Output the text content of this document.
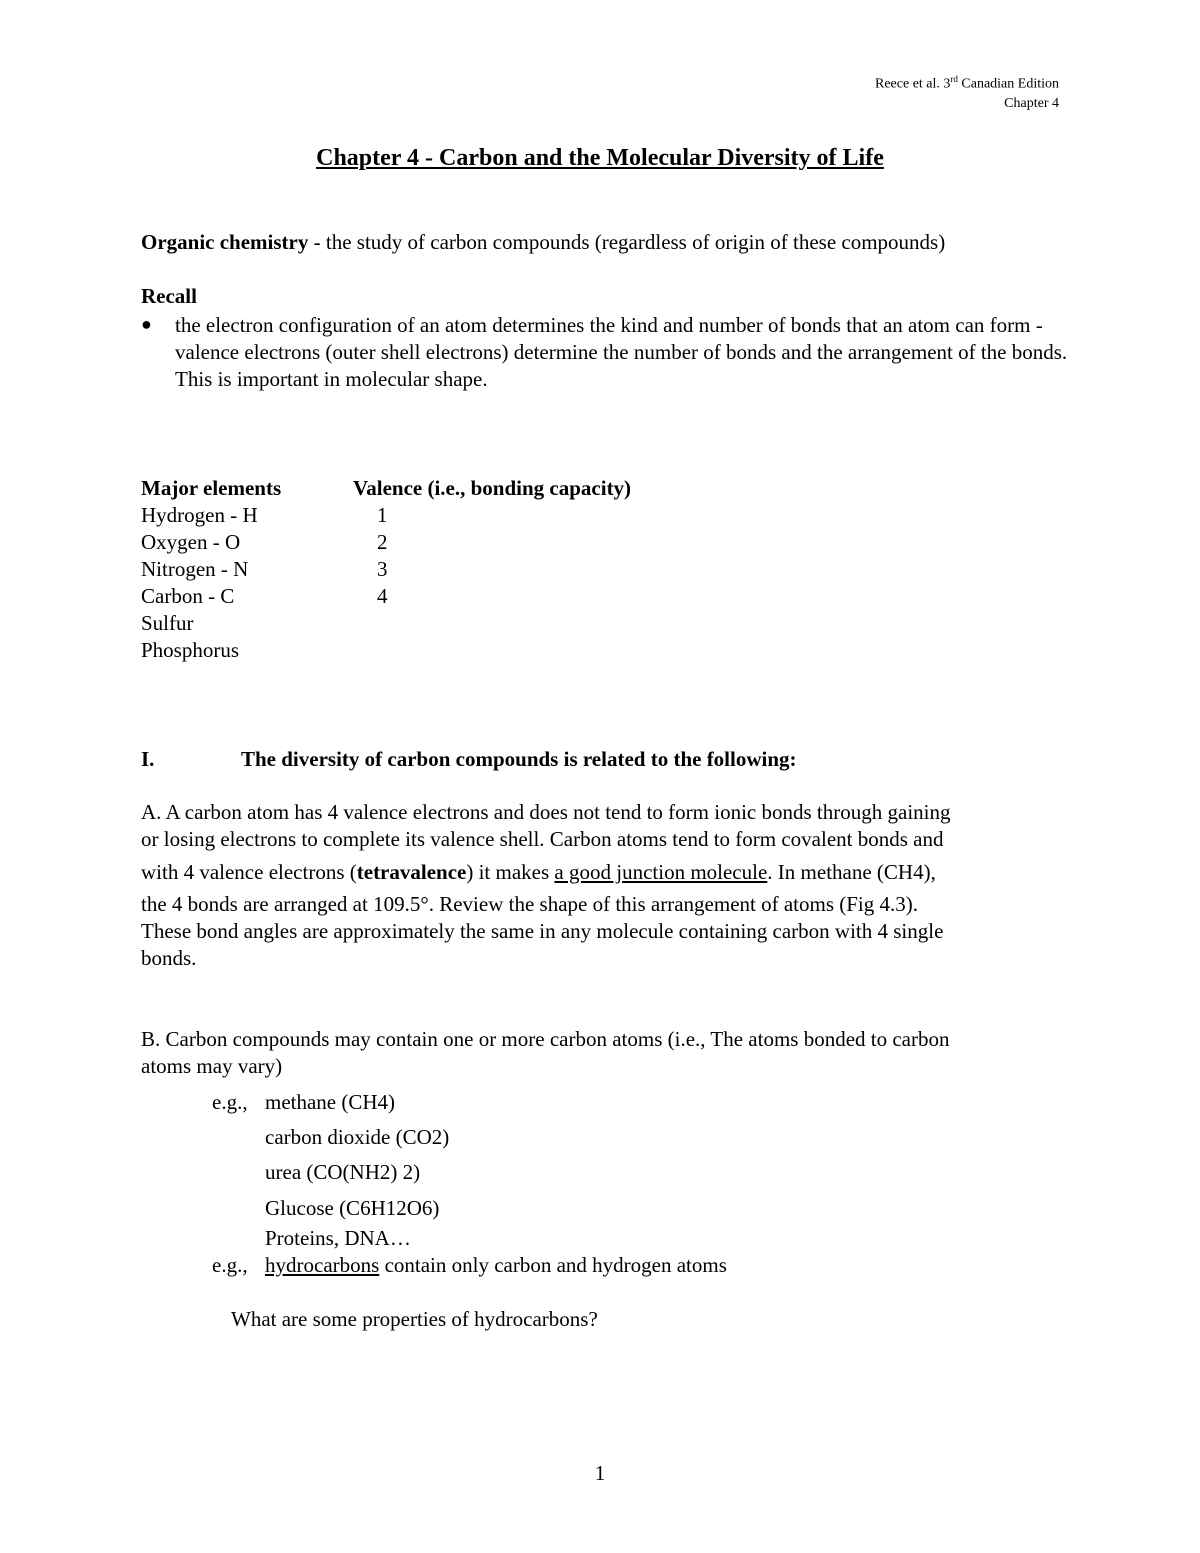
Reece et al. 3rd Canadian Edition
Chapter 4
Chapter 4 - Carbon and the Molecular Diversity of Life
Organic chemistry - the study of carbon compounds (regardless of origin of these compounds)
Recall
● the electron configuration of an atom determines the kind and number of bonds that an atom can form - valence electrons (outer shell electrons) determine the number of bonds and the arrangement of the bonds. This is important in molecular shape.
Major elements
Hydrogen - H
Oxygen - O
Nitrogen - N
Carbon - C
Sulfur
Phosphorus
Valence (i.e., bonding capacity)
1
2
3
4
I.	The diversity of carbon compounds is related to the following:
A. A carbon atom has 4 valence electrons and does not tend to form ionic bonds through gaining
or losing electrons to complete its valence shell. Carbon atoms tend to form covalent bonds and
with 4 valence electrons (tetravalence) it makes a good junction molecule. In methane (CH4),
the 4 bonds are arranged at 109.5°. Review the shape of this arrangement of atoms (Fig 4.3).
These bond angles are approximately the same in any molecule containing carbon with 4 single
bonds.
B. Carbon compounds may contain one or more carbon atoms (i.e., The atoms bonded to carbon
atoms may vary)
e.g., methane (CH4)
carbon dioxide (CO2)
urea (CO(NH2) 2)
Glucose (C6H12O6)
Proteins, DNA…
e.g., hydrocarbons contain only carbon and hydrogen atoms
What are some properties of hydrocarbons?
1
